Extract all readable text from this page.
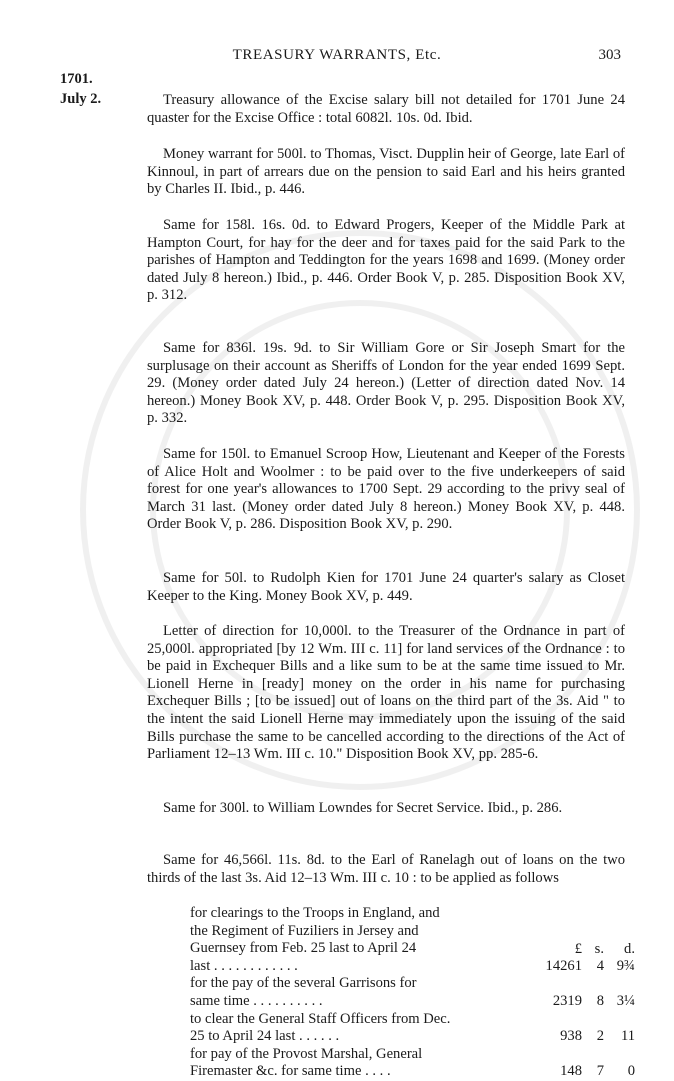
TREASURY WARRANTS, Etc.	303
1701.
July 2.	Treasury allowance of the Excise salary bill not detailed for 1701 June 24 quaster for the Excise Office : total 6082l. 10s. 0d. Ibid.

Money warrant for 500l. to Thomas, Visct. Dupplin heir of George, late Earl of Kinnoul, in part of arrears due on the pension to said Earl and his heirs granted by Charles II. Ibid., p. 446.

Same for 158l. 16s. 0d. to Edward Progers, Keeper of the Middle Park at Hampton Court, for hay for the deer and for taxes paid for the said Park to the parishes of Hampton and Teddington for the years 1698 and 1699. (Money order dated July 8 hereon.) Ibid., p. 446. Order Book V, p. 285. Disposition Book XV, p. 312.

Same for 836l. 19s. 9d. to Sir William Gore or Sir Joseph Smart for the surplusage on their account as Sheriffs of London for the year ended 1699 Sept. 29. (Money order dated July 24 hereon.) (Letter of direction dated Nov. 14 hereon.) Money Book XV, p. 448. Order Book V, p. 295. Disposition Book XV, p. 332.

Same for 150l. to Emanuel Scroop How, Lieutenant and Keeper of the Forests of Alice Holt and Woolmer : to be paid over to the five underkeepers of said forest for one year's allowances to 1700 Sept. 29 according to the privy seal of March 31 last. (Money order dated July 8 hereon.) Money Book XV, p. 448. Order Book V, p. 286. Disposition Book XV, p. 290.

Same for 50l. to Rudolph Kien for 1701 June 24 quarter's salary as Closet Keeper to the King. Money Book XV, p. 449.

Letter of direction for 10,000l. to the Treasurer of the Ordnance in part of 25,000l. appropriated [by 12 Wm. III c. 11] for land services of the Ordnance : to be paid in Exchequer Bills and a like sum to be at the same time issued to Mr. Lionell Herne in [ready] money on the order in his name for purchasing Exchequer Bills ; [to be issued] out of loans on the third part of the 3s. Aid " to the intent the said Lionell Herne may immediately upon the issuing of the said Bills purchase the same to be cancelled according to the directions of the Act of Parliament 12–13 Wm. III c. 10." Disposition Book XV, pp. 285-6.

Same for 300l. to William Lowndes for Secret Service. Ibid., p. 286.

Same for 46,566l. 11s. 8d. to the Earl of Ranelagh out of loans on the two thirds of the last 3s. Aid 12–13 Wm. III c. 10 : to be applied as follows

£ s.	d.
for clearings to the Troops in England, and
the Regiment of Fuziliers in Jersey and
Guernsey from Feb. 25 last to April 24
last . . . . . . . . . . . .	14261	4 9¾
for the pay of the several Garrisons for
same time . . . . . . . . . .	2319	8 3¼
to clear the General Staff Officers from Dec.
25 to April 24 last . . . . . .	938	2	11
for pay of the Provost Marshal, General
Firemaster &c. for same time . . . .	148	7	0
